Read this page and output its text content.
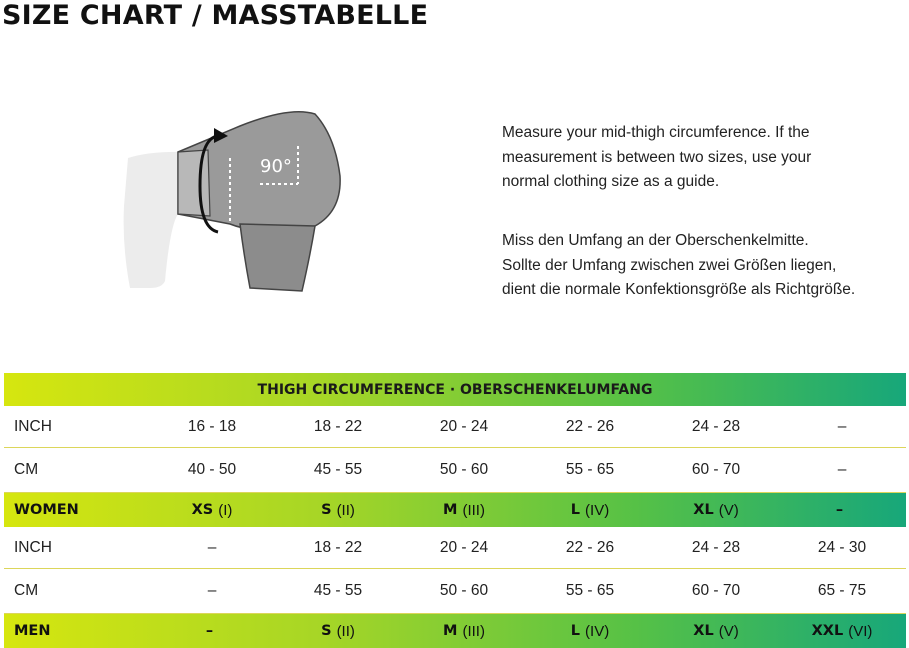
SIZE CHART / MASSTABELLE
90°

Measure your mid-thigh circumference. If the

measurement is between two sizes, use your

normal clothing size as a guide.

Miss den Umfang an der Oberschenkelmitte.

Sollte der Umfang zwischen zwei Größen liegen,

dient die normale Konfektionsgröße als Richtgröße.

THIGH CIRCUMFERENCE · OBERSCHENKELUMFANG
INCH	16 - 18	18 - 22	20 - 24	22 - 26	24 - 28	–
CM	40 - 50	45 - 55	50 - 60	55 - 65	60 - 70	–
WOMEN	XS (I)	S (II)	M (III)	L (IV)	XL (V)	–
INCH	–	18 - 22	20 - 24	22 - 26	24 - 28	24 - 30
CM	–	45 - 55	50 - 60	55 - 65	60 - 70	65 - 75
MEN	–	S (II)	M (III)	L (IV)	XL (V)	XXL (VI)
